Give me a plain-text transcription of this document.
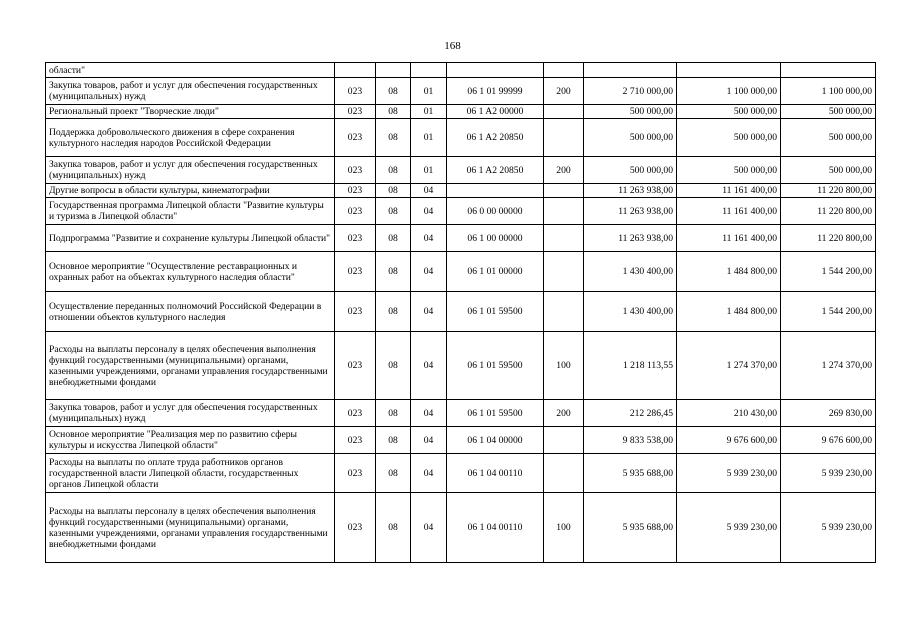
168
области"								
Закупка товаров, работ и услуг для обеспечения государственных (муниципальных) нужд	023	08	01	06 1 01 99999	200	2 710 000,00	1 100 000,00	1 100 000,00
Региональный проект "Творческие люди"	023	08	01	06 1 A2 00000		500 000,00	500 000,00	500 000,00
Поддержка добровольческого движения в сфере сохранения культурного наследия народов Российской Федерации	023	08	01	06 1 A2 20850		500 000,00	500 000,00	500 000,00
Закупка товаров, работ и услуг для обеспечения государственных (муниципальных) нужд	023	08	01	06 1 A2 20850	200	500 000,00	500 000,00	500 000,00
Другие вопросы в области культуры, кинематографии	023	08	04			11 263 938,00	11 161 400,00	11 220 800,00
Государственная программа Липецкой области "Развитие культуры и туризма в Липецкой области"	023	08	04	06 0 00 00000		11 263 938,00	11 161 400,00	11 220 800,00
Подпрограмма "Развитие и сохранение культуры Липецкой области"	023	08	04	06 1 00 00000		11 263 938,00	11 161 400,00	11 220 800,00
Основное мероприятие "Осуществление реставрационных и охранных работ на объектах культурного наследия области"	023	08	04	06 1 01 00000		1 430 400,00	1 484 800,00	1 544 200,00
Осуществление переданных полномочий Российской Федерации в отношении объектов культурного наследия	023	08	04	06 1 01 59500		1 430 400,00	1 484 800,00	1 544 200,00
Расходы на выплаты персоналу в целях обеспечения выполнения функций государственными (муниципальными) органами, казенными учреждениями, органами управления государственными внебюджетными фондами	023	08	04	06 1 01 59500	100	1 218 113,55	1 274 370,00	1 274 370,00
Закупка товаров, работ и услуг для обеспечения государственных (муниципальных) нужд	023	08	04	06 1 01 59500	200	212 286,45	210 430,00	269 830,00
Основное мероприятие "Реализация мер по развитию сферы культуры и искусства Липецкой области"	023	08	04	06 1 04 00000		9 833 538,00	9 676 600,00	9 676 600,00
Расходы на выплаты по оплате труда работников органов государственной власти Липецкой области, государственных органов Липецкой области	023	08	04	06 1 04 00110		5 935 688,00	5 939 230,00	5 939 230,00
Расходы на выплаты персоналу в целях обеспечения выполнения функций государственными (муниципальными) органами, казенными учреждениями, органами управления государственными внебюджетными фондами	023	08	04	06 1 04 00110	100	5 935 688,00	5 939 230,00	5 939 230,00
